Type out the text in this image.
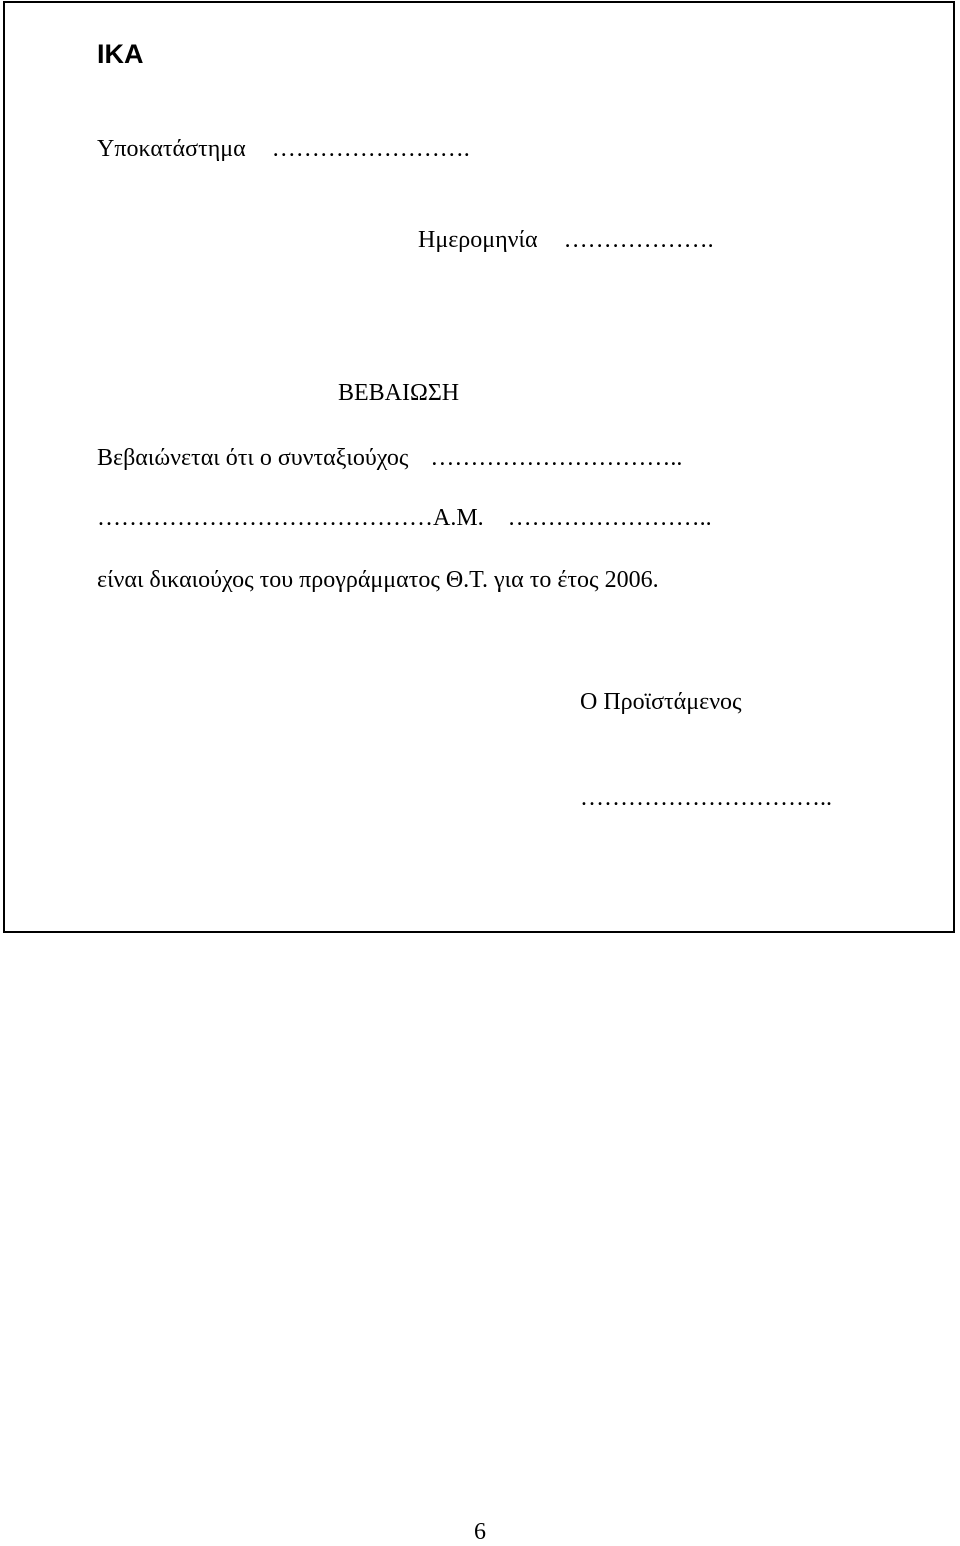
ΙΚΑ
Υποκατάστημα …………………….
Ημερομηνία ……………….
ΒΕΒΑΙΩΣΗ
Βεβαιώνεται ότι ο συνταξιούχος …………………………..
……………………………………Α.Μ. ……………………..
είναι δικαιούχος του προγράμματος Θ.Τ. για το έτος 2006.
Ο Προϊστάμενος
…………………………..
6
